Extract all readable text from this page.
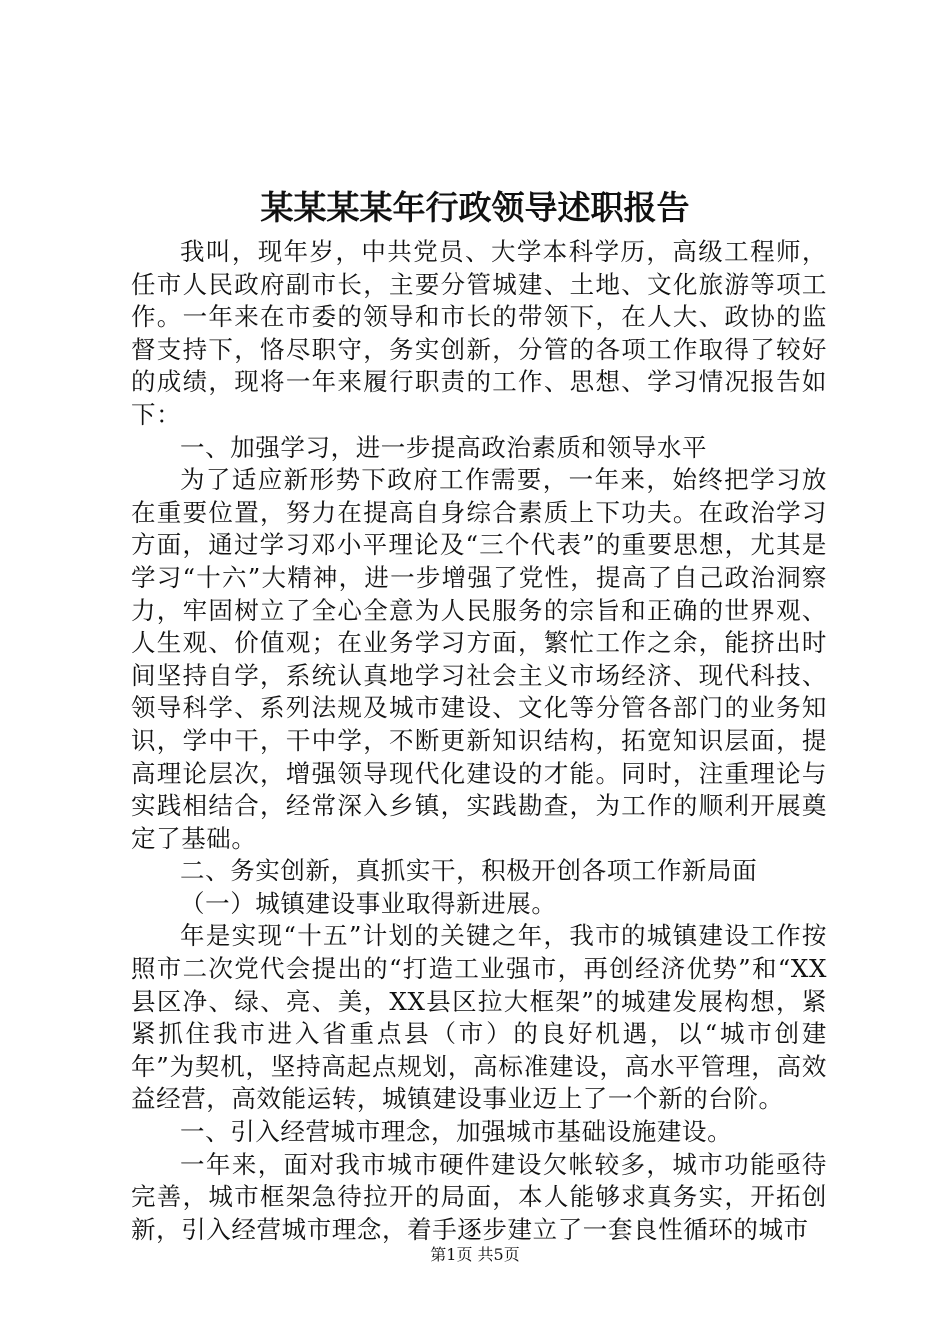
某某某某年行政领导述职报告

我叫，现年岁，中共党员、大学本科学历，高级工程师，任市人民政府副市长，主要分管城建、土地、文化旅游等项工作。一年来在市委的领导和市长的带领下，在人大、政协的监督支持下，恪尽职守，务实创新，分管的各项工作取得了较好的成绩，现将一年来履行职责的工作、思想、学习情况报告如下：

一、加强学习，进一步提高政治素质和领导水平

为了适应新形势下政府工作需要，一年来，始终把学习放在重要位置，努力在提高自身综合素质上下功夫。在政治学习方面，通过学习邓小平理论及“三个代表”的重要思想，尤其是学习“十六”大精神，进一步增强了党性，提高了自己政治洞察力，牢固树立了全心全意为人民服务的宗旨和正确的世界观、人生观、价值观；在业务学习方面，繁忙工作之余，能挤出时间坚持自学，系统认真地学习社会主义市场经济、现代科技、领导科学、系列法规及城市建设、文化等分管各部门的业务知识，学中干，干中学，不断更新知识结构，拓宽知识层面，提高理论层次，增强领导现代化建设的才能。同时，注重理论与实践相结合，经常深入乡镇，实践勘查，为工作的顺利开展奠定了基础。

二、务实创新，真抓实干，积极开创各项工作新局面

（一）城镇建设事业取得新进展。

年是实现“十五”计划的关键之年，我市的城镇建设工作按照市二次党代会提出的“打造工业强市，再创经济优势”和“XX县区净、绿、亮、美，XX县区拉大框架”的城建发展构想，紧紧抓住我市进入省重点县（市）的良好机遇，以“城市创建年”为契机，坚持高起点规划，高标准建设，高水平管理，高效益经营，高效能运转，城镇建设事业迈上了一个新的台阶。

一、引入经营城市理念，加强城市基础设施建设。

一年来，面对我市城市硬件建设欠帐较多，城市功能亟待完善，城市框架急待拉开的局面，本人能够求真务实，开拓创新，引入经营城市理念，着手逐步建立了一套良性循环的城市

第1页 共5页
